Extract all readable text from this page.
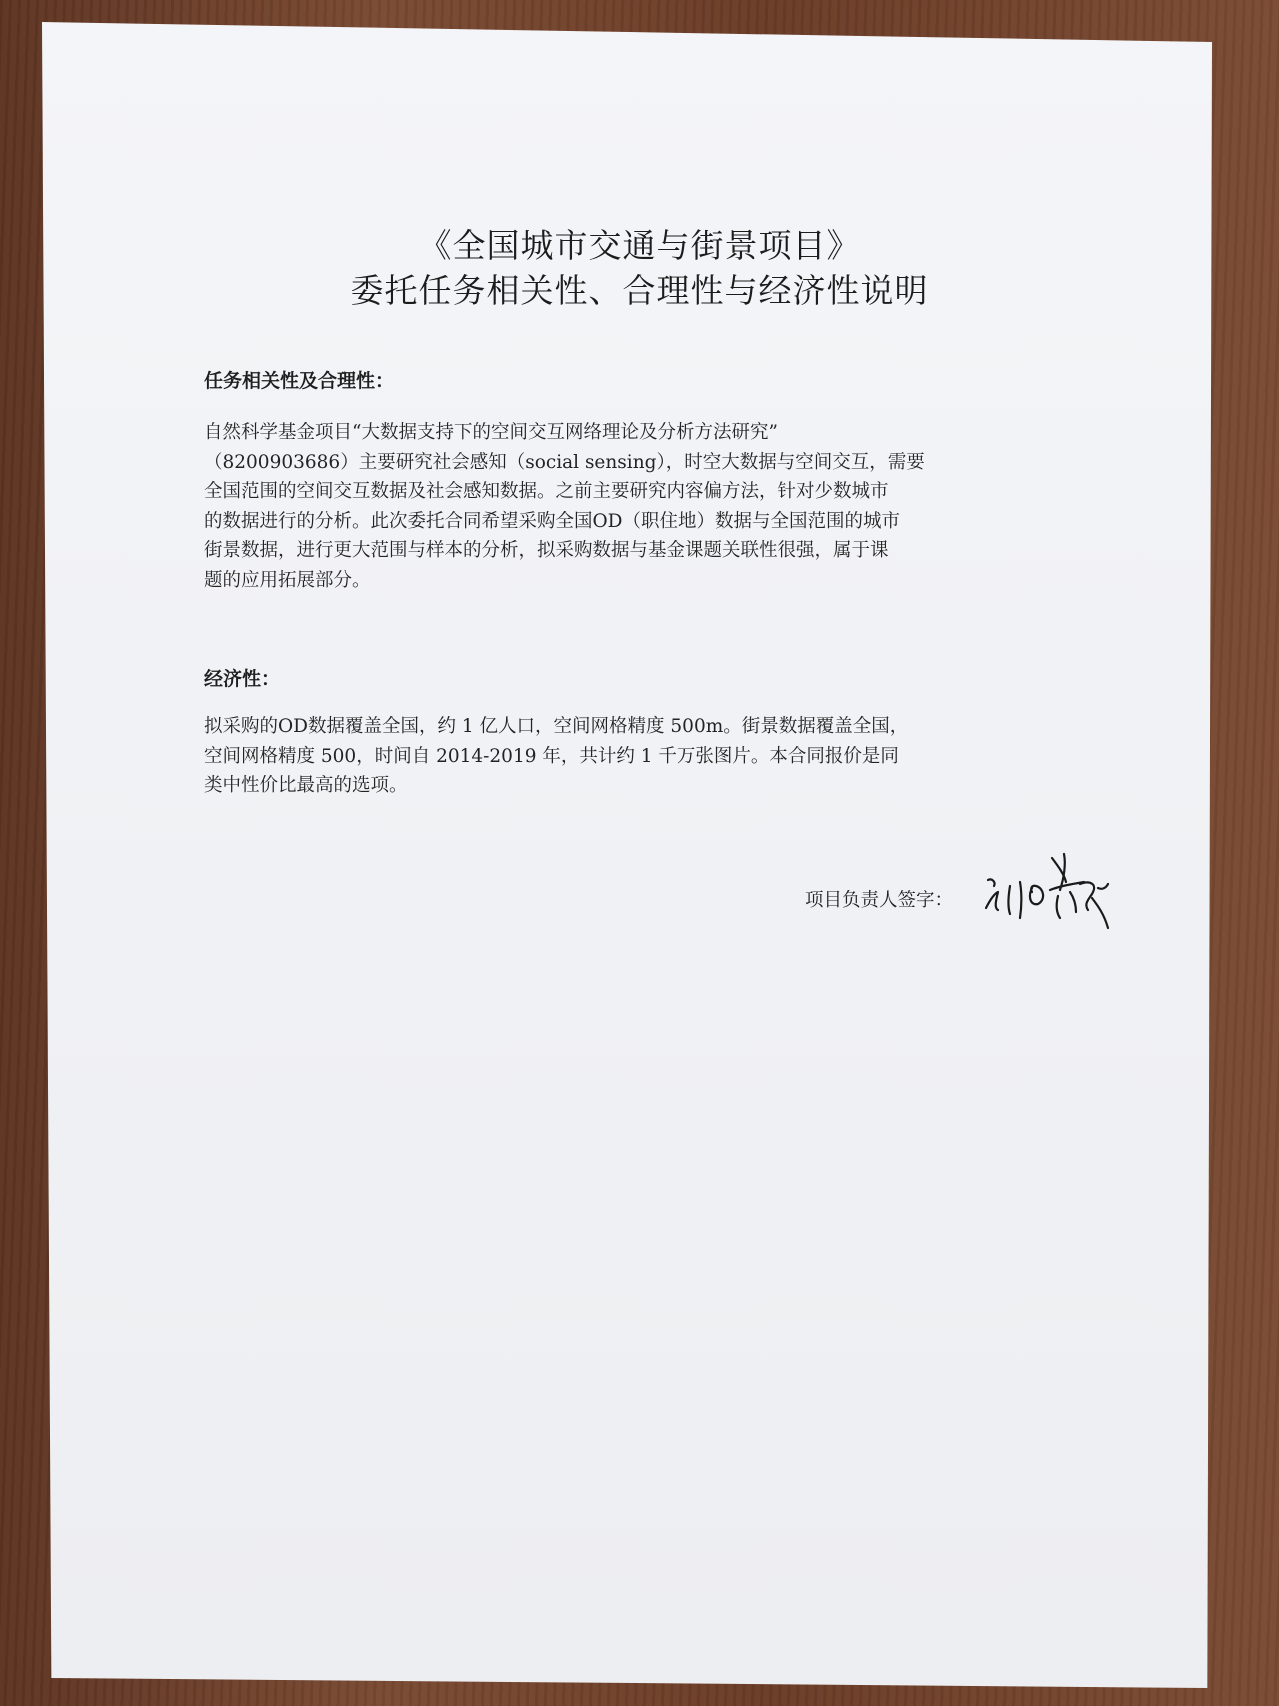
《全国城市交通与街景项目》
委托任务相关性、合理性与经济性说明
任务相关性及合理性：

自然科学基金项目“大数据支持下的空间交互网络理论及分析方法研究”
（8200903686）主要研究社会感知（social sensing），时空大数据与空间交互，需要
全国范围的空间交互数据及社会感知数据。之前主要研究内容偏方法，针对少数城市
的数据进行的分析。此次委托合同希望采购全国OD（职住地）数据与全国范围的城市
街景数据，进行更大范围与样本的分析，拟采购数据与基金课题关联性很强，属于课
题的应用拓展部分。

经济性：

拟采购的OD数据覆盖全国，约 1 亿人口，空间网格精度 500m。街景数据覆盖全国，
空间网格精度 500，时间自 2014-2019 年，共计约 1 千万张图片。本合同报价是同
类中性价比最高的选项。

项目负责人签字：
